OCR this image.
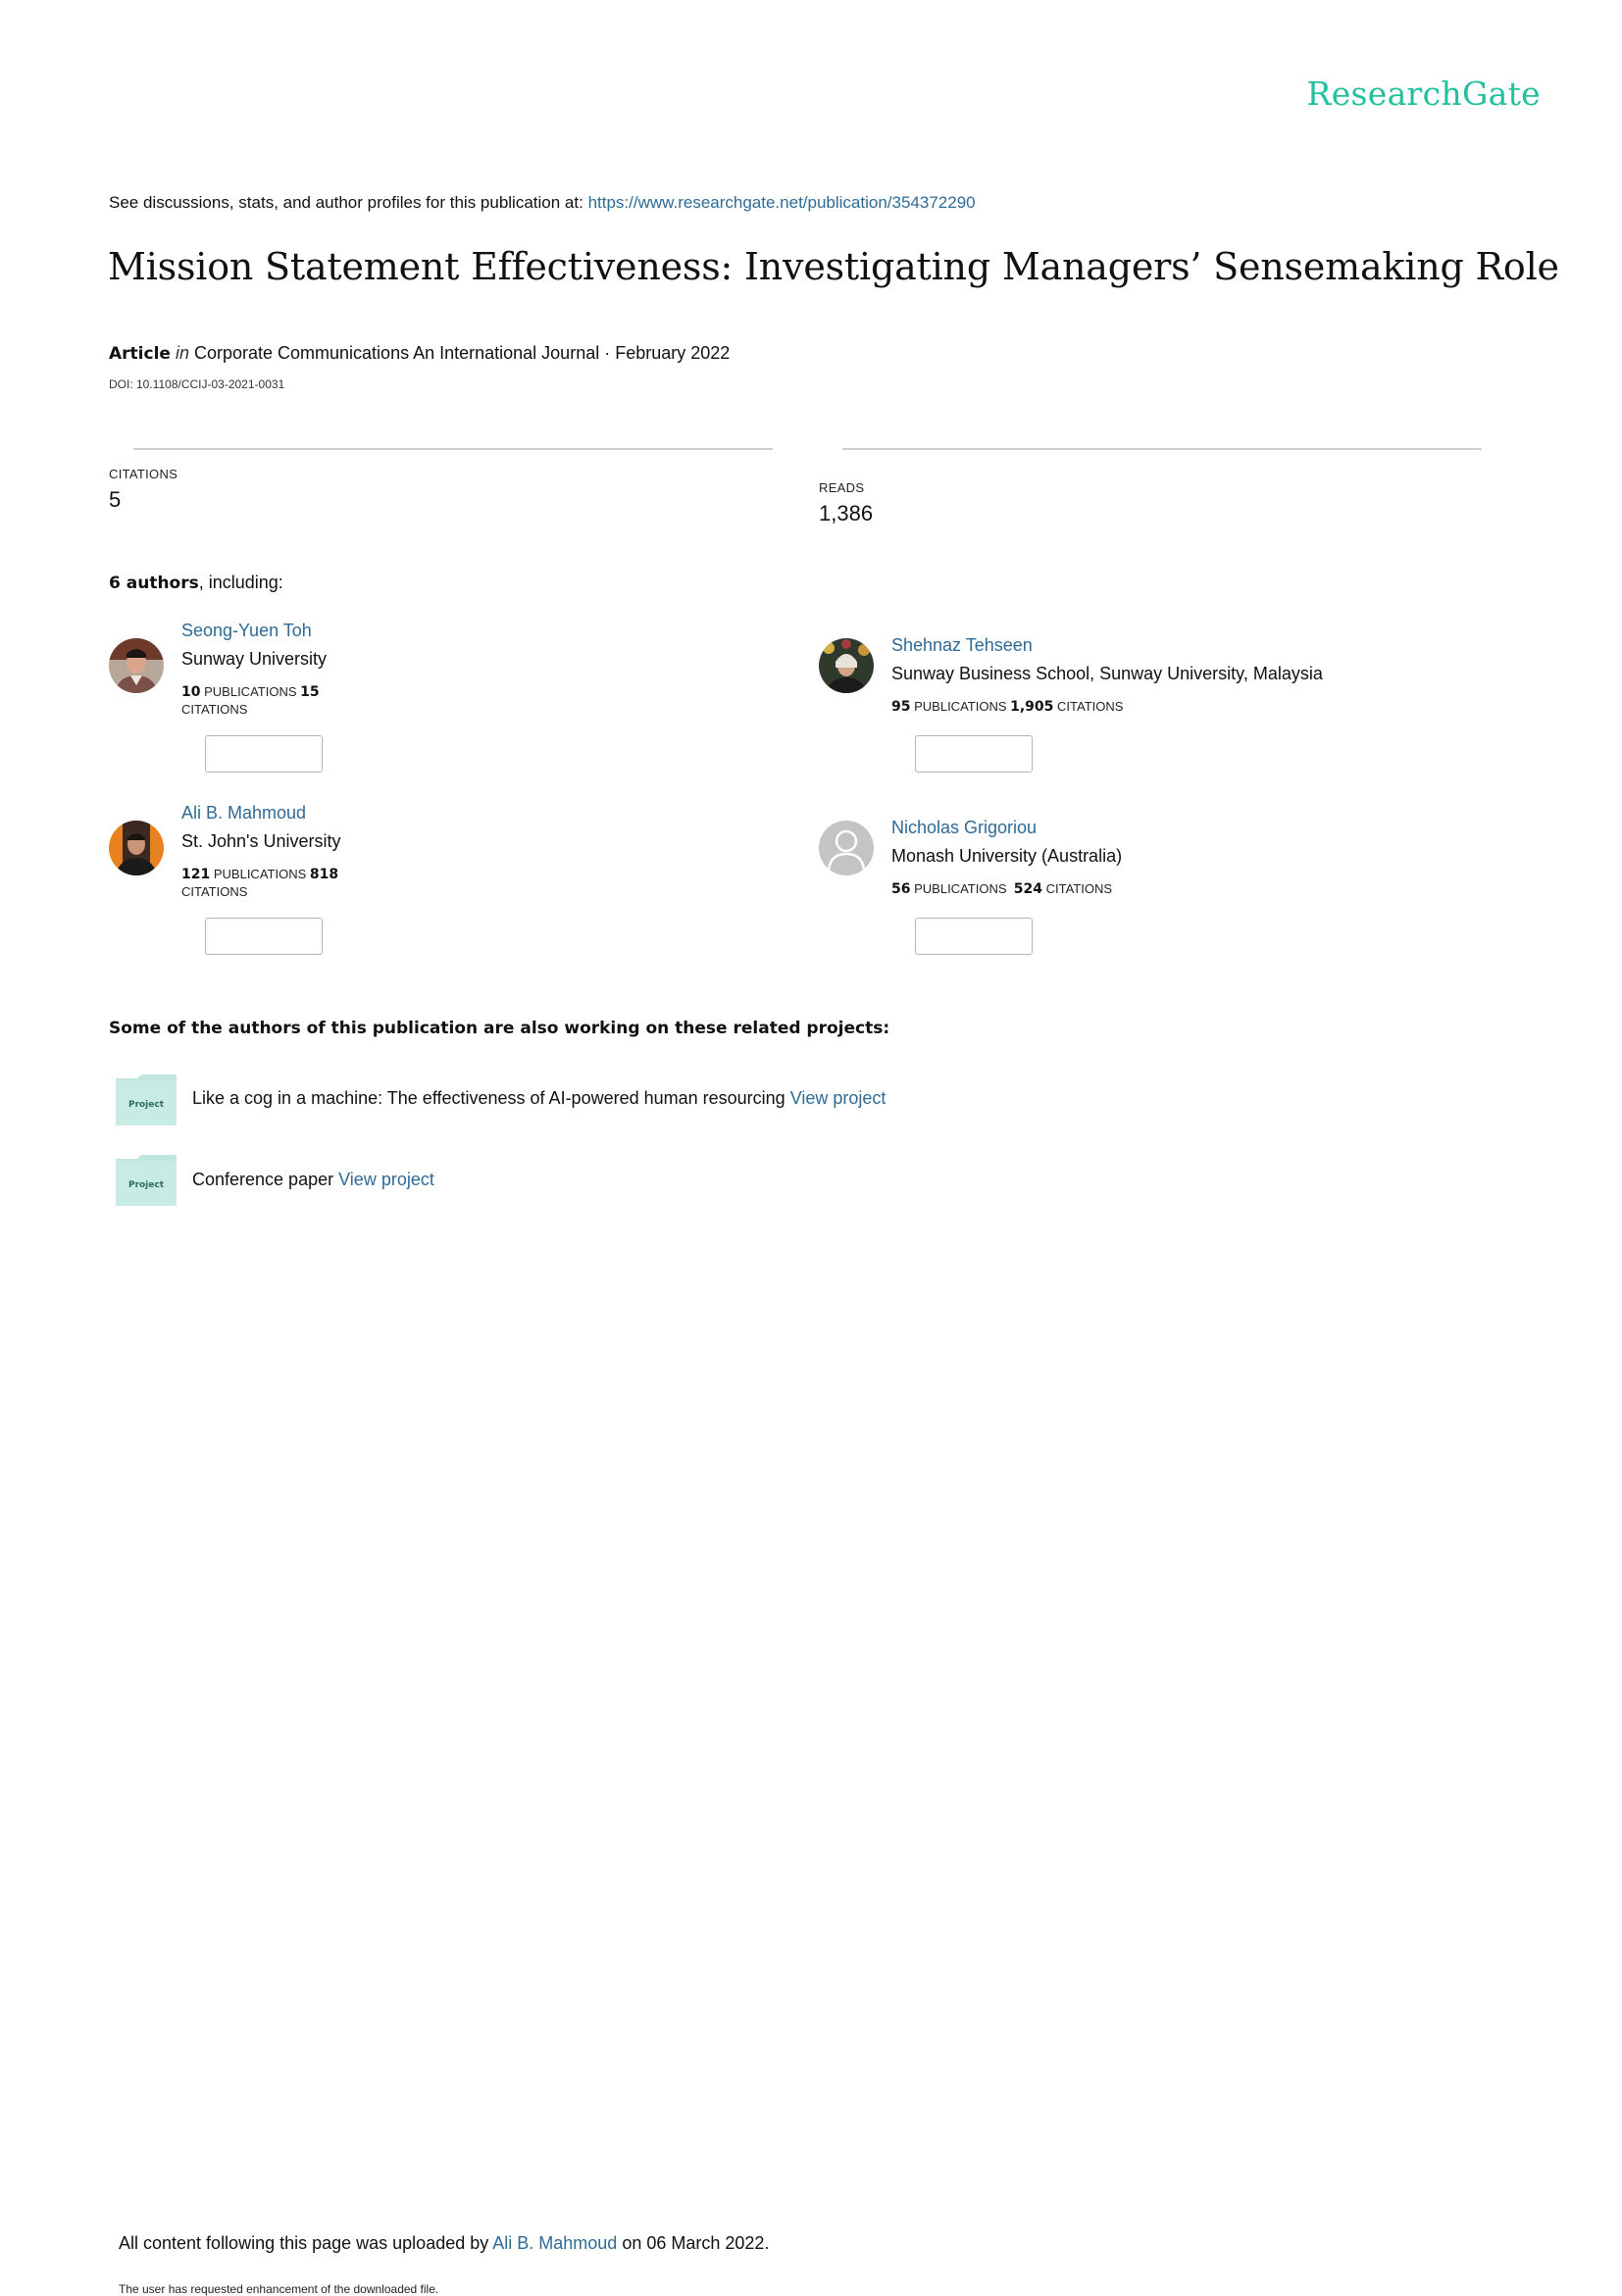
ResearchGate
See discussions, stats, and author profiles for this publication at: https://www.researchgate.net/publication/354372290
Mission Statement Effectiveness: Investigating Managers’ Sensemaking Role
Article in Corporate Communications An International Journal · February 2022
DOI: 10.1108/CCIJ-03-2021-0031
CITATIONS
5	READS
1,386
6 authors, including:
Seong-Yuen Toh
Sunway University
10 PUBLICATIONS 15
CITATIONS
Shehnaz Tehseen
Sunway Business School, Sunway University, Malaysia
95 PUBLICATIONS 1,905 CITATIONS
Ali B. Mahmoud
St. John's University
121 PUBLICATIONS 818
CITATIONS
Nicholas Grigoriou
Monash University (Australia)
56 PUBLICATIONS 524 CITATIONS
Some of the authors of this publication are also working on these related projects:
Project Like a cog in a machine: The effectiveness of AI-powered human resourcing View project
Project Conference paper View project
All content following this page was uploaded by Ali B. Mahmoud on 06 March 2022.
The user has requested enhancement of the downloaded file.
